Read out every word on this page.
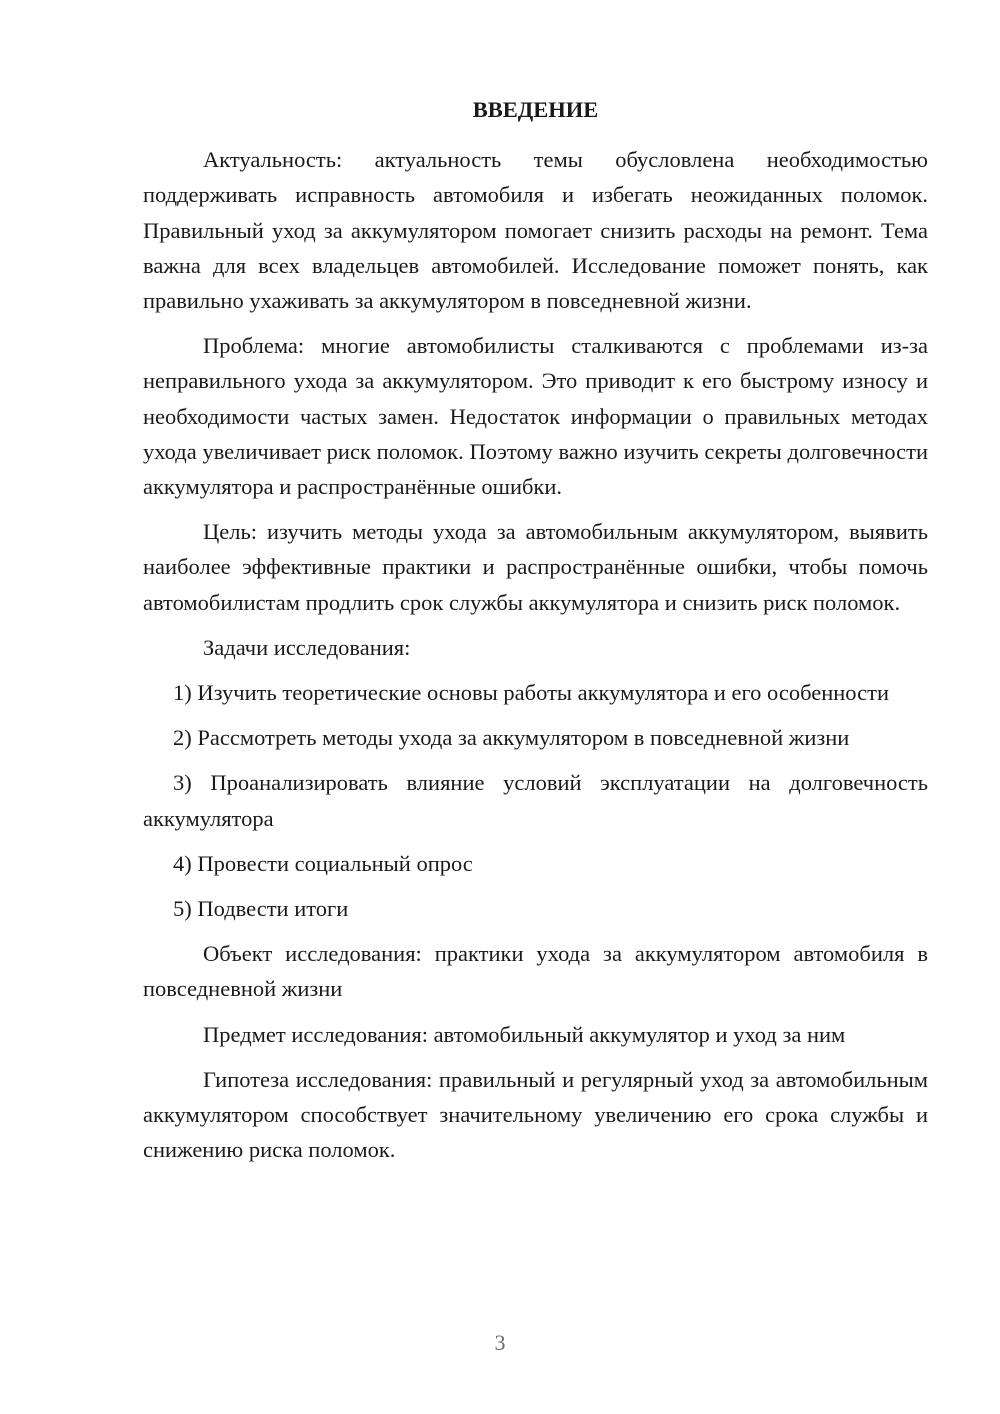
ВВЕДЕНИЕ

Актуальность: актуальность темы обусловлена необходимостью поддерживать исправность автомобиля и избегать неожиданных поломок. Правильный уход за аккумулятором помогает снизить расходы на ремонт. Тема важна для всех владельцев автомобилей. Исследование поможет понять, как правильно ухаживать за аккумулятором в повседневной жизни.

Проблема: многие автомобилисты сталкиваются с проблемами из-за неправильного ухода за аккумулятором. Это приводит к его быстрому износу и необходимости частых замен. Недостаток информации о правильных методах ухода увеличивает риск поломок. Поэтому важно изучить секреты долговечности аккумулятора и распространённые ошибки.

Цель: изучить методы ухода за автомобильным аккумулятором, выявить наиболее эффективные практики и распространённые ошибки, чтобы помочь автомобилистам продлить срок службы аккумулятора и снизить риск поломок.

Задачи исследования:

1) Изучить теоретические основы работы аккумулятора и его особенности

2) Рассмотреть методы ухода за аккумулятором в повседневной жизни

3) Проанализировать влияние условий эксплуатации на долговечность аккумулятора

4) Провести социальный опрос

5) Подвести итоги

Объект исследования: практики ухода за аккумулятором автомобиля в повседневной жизни

Предмет исследования: автомобильный аккумулятор и уход за ним

Гипотеза исследования: правильный и регулярный уход за автомобильным аккумулятором способствует значительному увеличению его срока службы и снижению риска поломок.

3
